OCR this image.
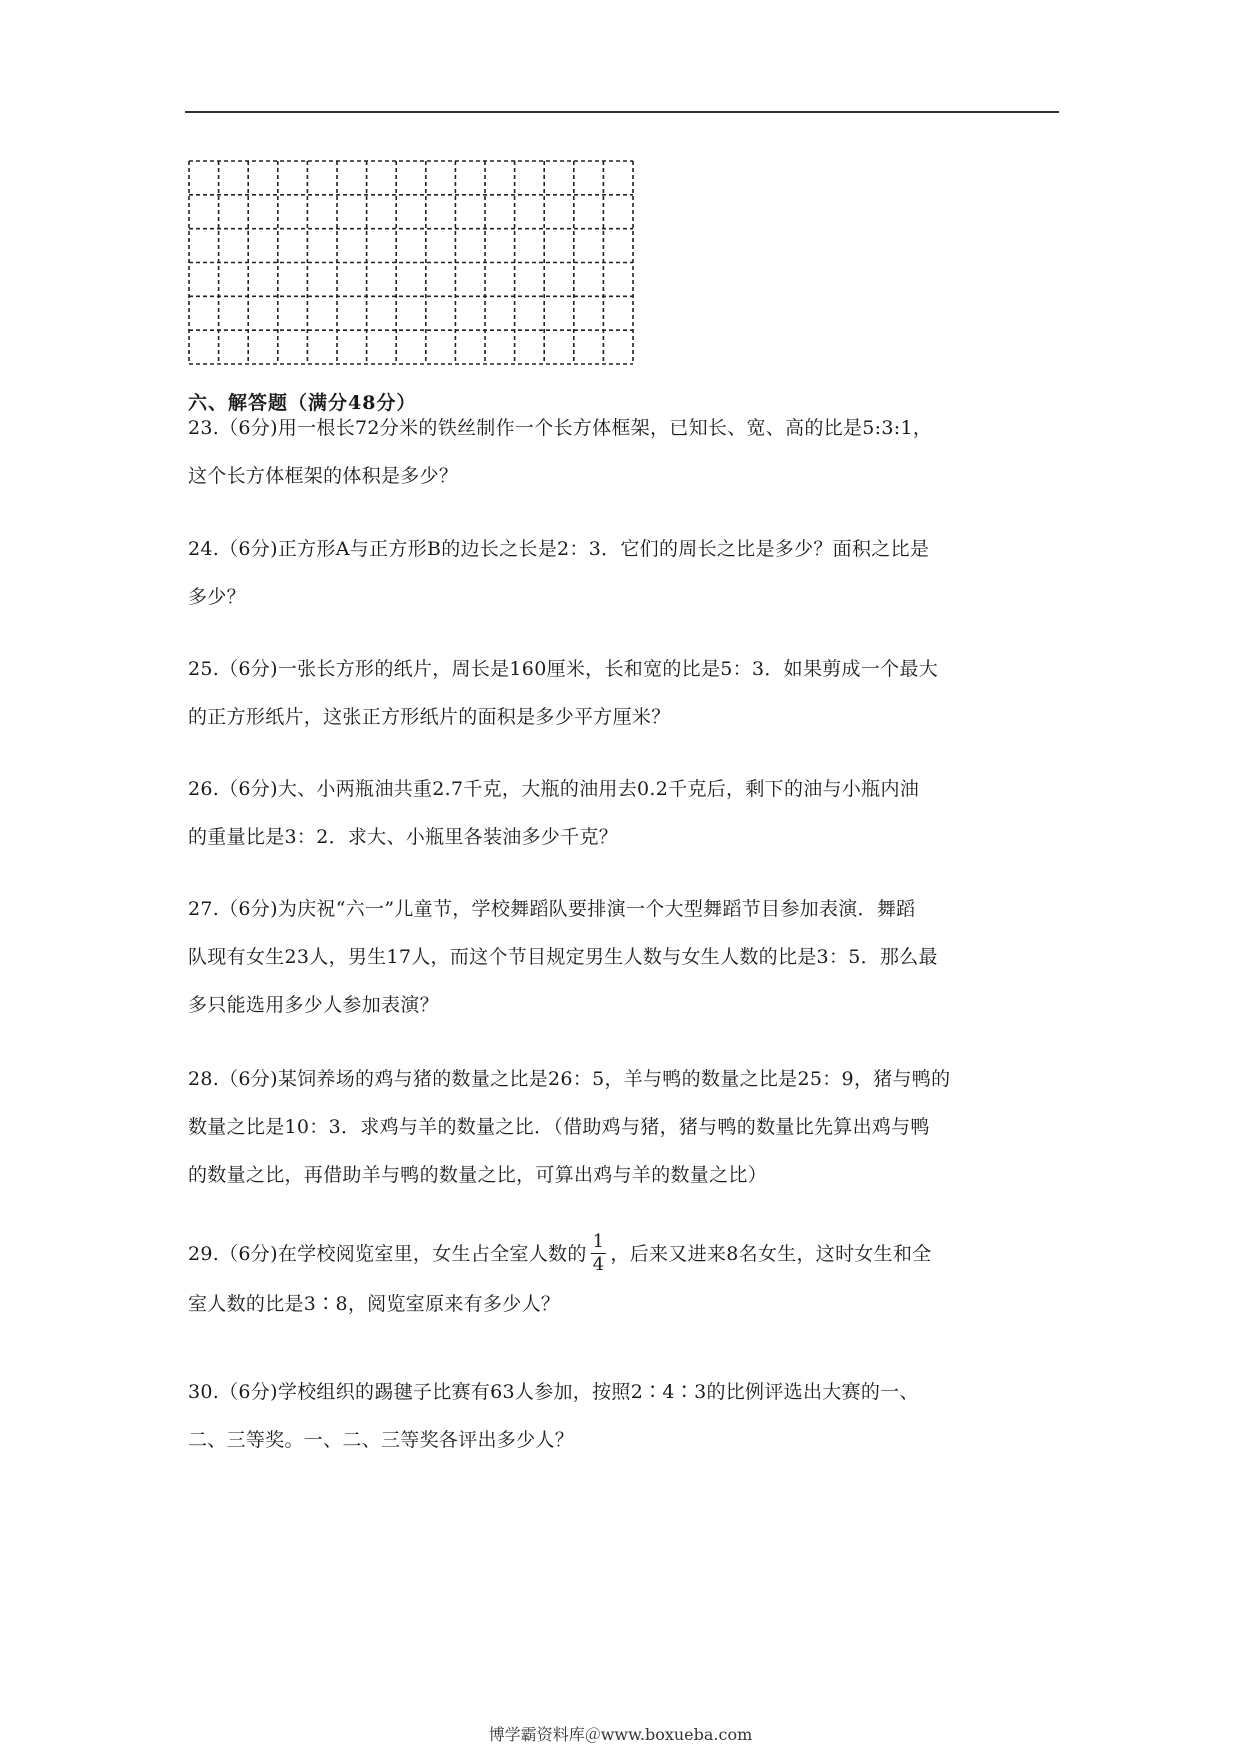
六、解答题（满分48分）

23.（6分)用一根长72分米的铁丝制作一个长方体框架，已知长、宽、高的比是5:3:1，

这个长方体框架的体积是多少？

24.（6分)正方形A与正方形B的边长之长是2：3．它们的周长之比是多少？面积之比是

多少？

25.（6分)一张长方形的纸片，周长是160厘米，长和宽的比是5：3．如果剪成一个最大

的正方形纸片，这张正方形纸片的面积是多少平方厘米？

26.（6分)大、小两瓶油共重2.7千克，大瓶的油用去0.2千克后，剩下的油与小瓶内油

的重量比是3：2．求大、小瓶里各装油多少千克？

27.（6分)为庆祝“六一”儿童节，学校舞蹈队要排演一个大型舞蹈节目参加表演．舞蹈

队现有女生23人，男生17人，而这个节目规定男生人数与女生人数的比是3：5．那么最

多只能选用多少人参加表演？

28.（6分)某饲养场的鸡与猪的数量之比是26：5，羊与鸭的数量之比是25：9，猪与鸭的

数量之比是10：3．求鸡与羊的数量之比．（借助鸡与猪，猪与鸭的数量比先算出鸡与鸭

的数量之比，再借助羊与鸭的数量之比，可算出鸡与羊的数量之比）

29.（6分)在学校阅览室里，女生占全室人数的 $\frac{1}{4}$ ，后来又进来8名女生，这时女生和全

室人数的比是3∶8，阅览室原来有多少人？

30.（6分)学校组织的踢毽子比赛有63人参加，按照2∶4∶3的比例评选出大赛的一、

二、三等奖。一、二、三等奖各评出多少人？

博学霸资料库＠www.boxueba.com
